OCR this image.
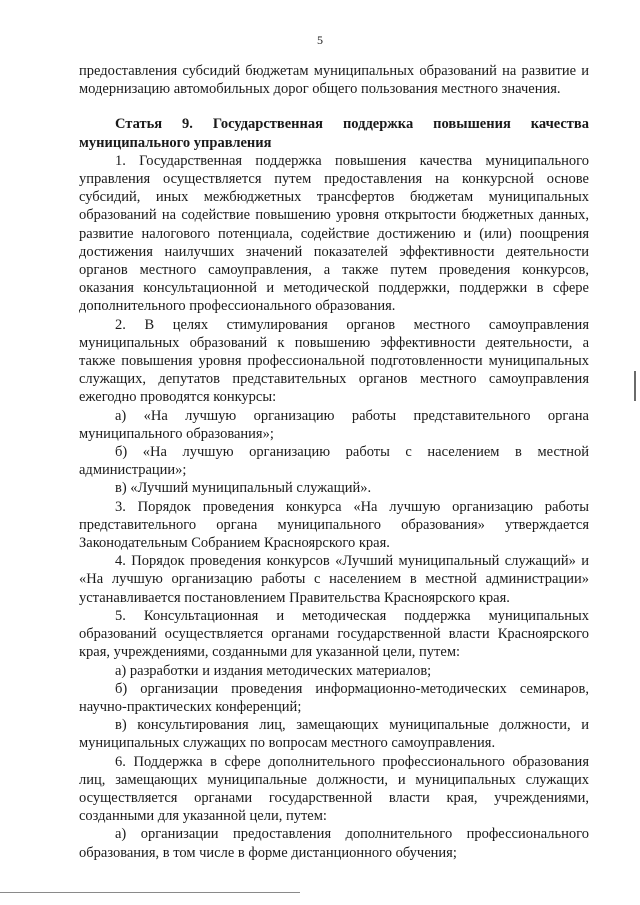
5

предоставления субсидий бюджетам муниципальных образований на развитие и модернизацию автомобильных дорог общего пользования местного значения.

Статья 9. Государственная поддержка повышения качества муниципального управления

1. Государственная поддержка повышения качества муниципального управления осуществляется путем предоставления на конкурсной основе субсидий, иных межбюджетных трансфертов бюджетам муниципальных образований на содействие повышению уровня открытости бюджетных данных, развитие налогового потенциала, содействие достижению и (или) поощрения достижения наилучших значений показателей эффективности деятельности органов местного самоуправления, а также путем проведения конкурсов, оказания консультационной и методической поддержки, поддержки в сфере дополнительного профессионального образования.

2. В целях стимулирования органов местного самоуправления муниципальных образований к повышению эффективности деятельности, а также повышения уровня профессиональной подготовленности муниципальных служащих, депутатов представительных органов местного самоуправления ежегодно проводятся конкурсы:

а) «На лучшую организацию работы представительного органа муниципального образования»;

б) «На лучшую организацию работы с населением в местной администрации»;

в) «Лучший муниципальный служащий».

3. Порядок проведения конкурса «На лучшую организацию работы представительного органа муниципального образования» утверждается Законодательным Собранием Красноярского края.

4. Порядок проведения конкурсов «Лучший муниципальный служащий» и «На лучшую организацию работы с населением в местной администрации» устанавливается постановлением Правительства Красноярского края.

5. Консультационная и методическая поддержка муниципальных образований осуществляется органами государственной власти Красноярского края, учреждениями, созданными для указанной цели, путем:

а) разработки и издания методических материалов;

б) организации проведения информационно-методических семинаров, научно-практических конференций;

в) консультирования лиц, замещающих муниципальные должности, и муниципальных служащих по вопросам местного самоуправления.

6. Поддержка в сфере дополнительного профессионального образования лиц, замещающих муниципальные должности, и муниципальных служащих осуществляется органами государственной власти края, учреждениями, созданными для указанной цели, путем:

а) организации предоставления дополнительного профессионального образования, в том числе в форме дистанционного обучения;
